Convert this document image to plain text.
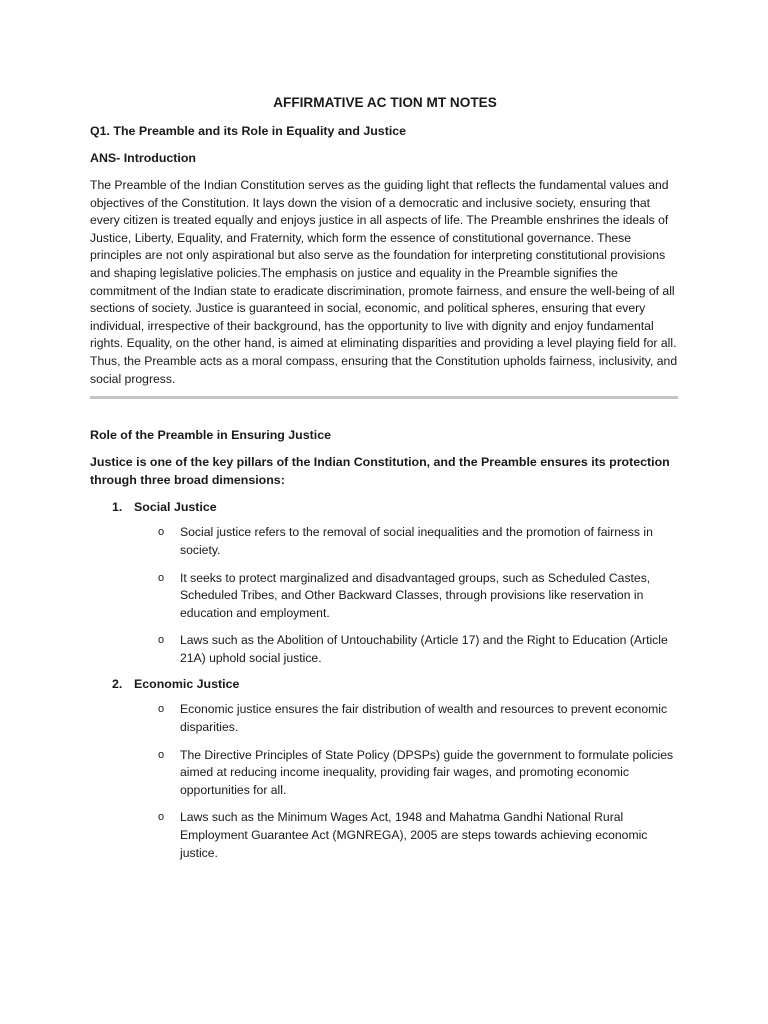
AFFIRMATIVE AC TION MT NOTES
Q1. The Preamble and its Role in Equality and Justice
ANS- Introduction

The Preamble of the Indian Constitution serves as the guiding light that reflects the fundamental values and objectives of the Constitution. It lays down the vision of a democratic and inclusive society, ensuring that every citizen is treated equally and enjoys justice in all aspects of life. The Preamble enshrines the ideals of Justice, Liberty, Equality, and Fraternity, which form the essence of constitutional governance. These principles are not only aspirational but also serve as the foundation for interpreting constitutional provisions and shaping legislative policies.The emphasis on justice and equality in the Preamble signifies the commitment of the Indian state to eradicate discrimination, promote fairness, and ensure the well-being of all sections of society. Justice is guaranteed in social, economic, and political spheres, ensuring that every individual, irrespective of their background, has the opportunity to live with dignity and enjoy fundamental rights. Equality, on the other hand, is aimed at eliminating disparities and providing a level playing field for all. Thus, the Preamble acts as a moral compass, ensuring that the Constitution upholds fairness, inclusivity, and social progress.

Role of the Preamble in Ensuring Justice
Justice is one of the key pillars of the Indian Constitution, and the Preamble ensures its protection through three broad dimensions:
1. Social Justice
o	Social justice refers to the removal of social inequalities and the promotion of fairness in society.
o	It seeks to protect marginalized and disadvantaged groups, such as Scheduled Castes, Scheduled Tribes, and Other Backward Classes, through provisions like reservation in education and employment.
o	Laws such as the Abolition of Untouchability (Article 17) and the Right to Education (Article 21A) uphold social justice.
2. Economic Justice
o	Economic justice ensures the fair distribution of wealth and resources to prevent economic disparities.
o	The Directive Principles of State Policy (DPSPs) guide the government to formulate policies aimed at reducing income inequality, providing fair wages, and promoting economic opportunities for all.
o	Laws such as the Minimum Wages Act, 1948 and Mahatma Gandhi National Rural Employment Guarantee Act (MGNREGA), 2005 are steps towards achieving economic justice.
